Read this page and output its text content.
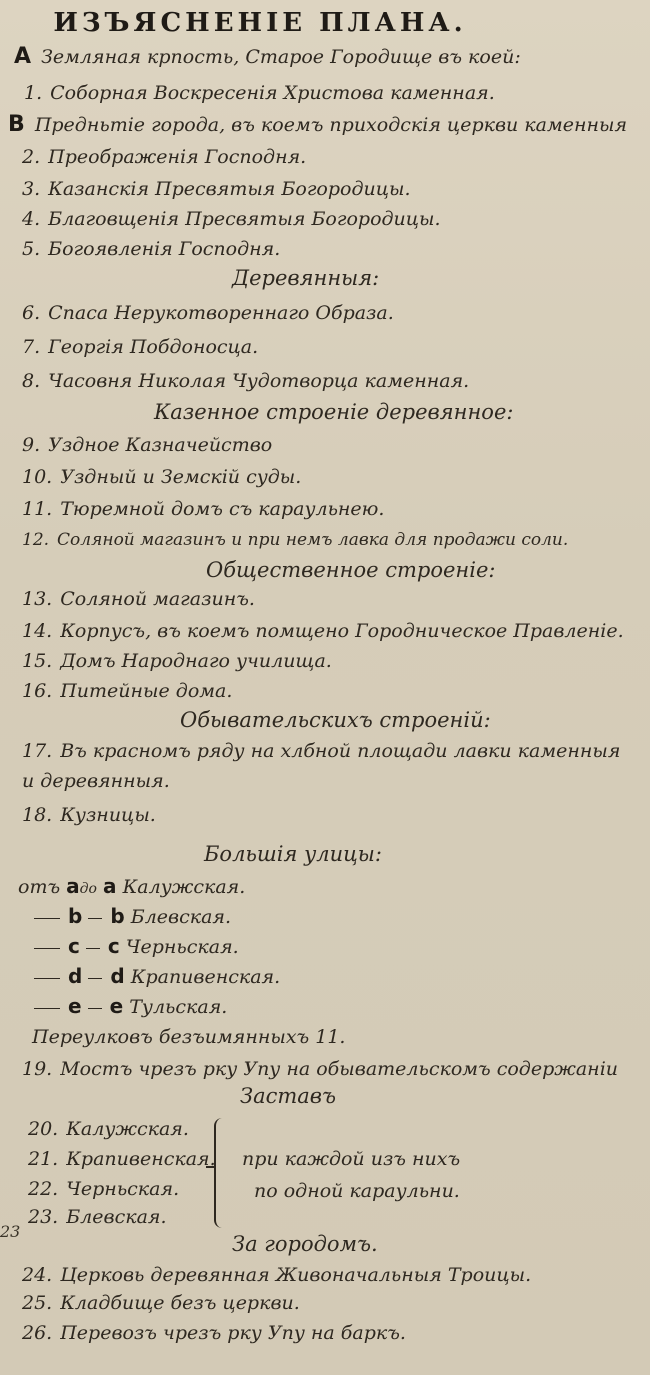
ИЗЪЯСНЕНІЕ ПЛАНА.
А Земляная крпость, Старое Городище въ коей:
1. Соборная Воскресенія Христова каменная.
В Предньтіе города, въ коемъ приходскія церкви каменныя
2. Преображенія Господня.
3. Казанскія Пресвятыя Богородицы.
4. Благовщенія Пресвятыя Богородицы.
5. Богоявленія Господня.
Деревянныя:
6. Спаса Нерукотвореннаго Образа.
7. Георгія Побдоносца.
8. Часовня Николая Чудотворца каменная.
Казенное строеніе деревянное:
9. Уздное Казначейство
10. Уздный и Земскій суды.
11. Тюремной домъ съ караульнею.
12. Соляной магазинъ и при немъ лавка для продажи соли.
Общественное строеніе:
13. Соляной магазинъ.
14. Корпусъ, въ коемъ помщено Городническое Правленіе.
15. Домъ Народнаго училища.
16. Питейные дома.
Обывательскихъ строеній:
17. Въ красномъ ряду на хлбной площади лавки каменныя
и деревянныя.
18. Кузницы.
Большія улицы:
отъ адо а Калужская.
b b Блевская.
c c Черньская.
d d Крапивенская.
e e Тульская.
Переулковъ безъимянныхъ 11.
19. Мостъ чрезъ рку Упу на обывательскомъ содержаніи
Заставъ
20. Калужская.
21. Крапивенская.
22. Черньская.
23. Блевская.
при каждой изъ нихъ
по одной караульни.
23
За городомъ.
24. Церковь деревянная Живоначальныя Троицы.
25. Кладбище безъ церкви.
26. Перевозъ чрезъ рку Упу на баркъ.
